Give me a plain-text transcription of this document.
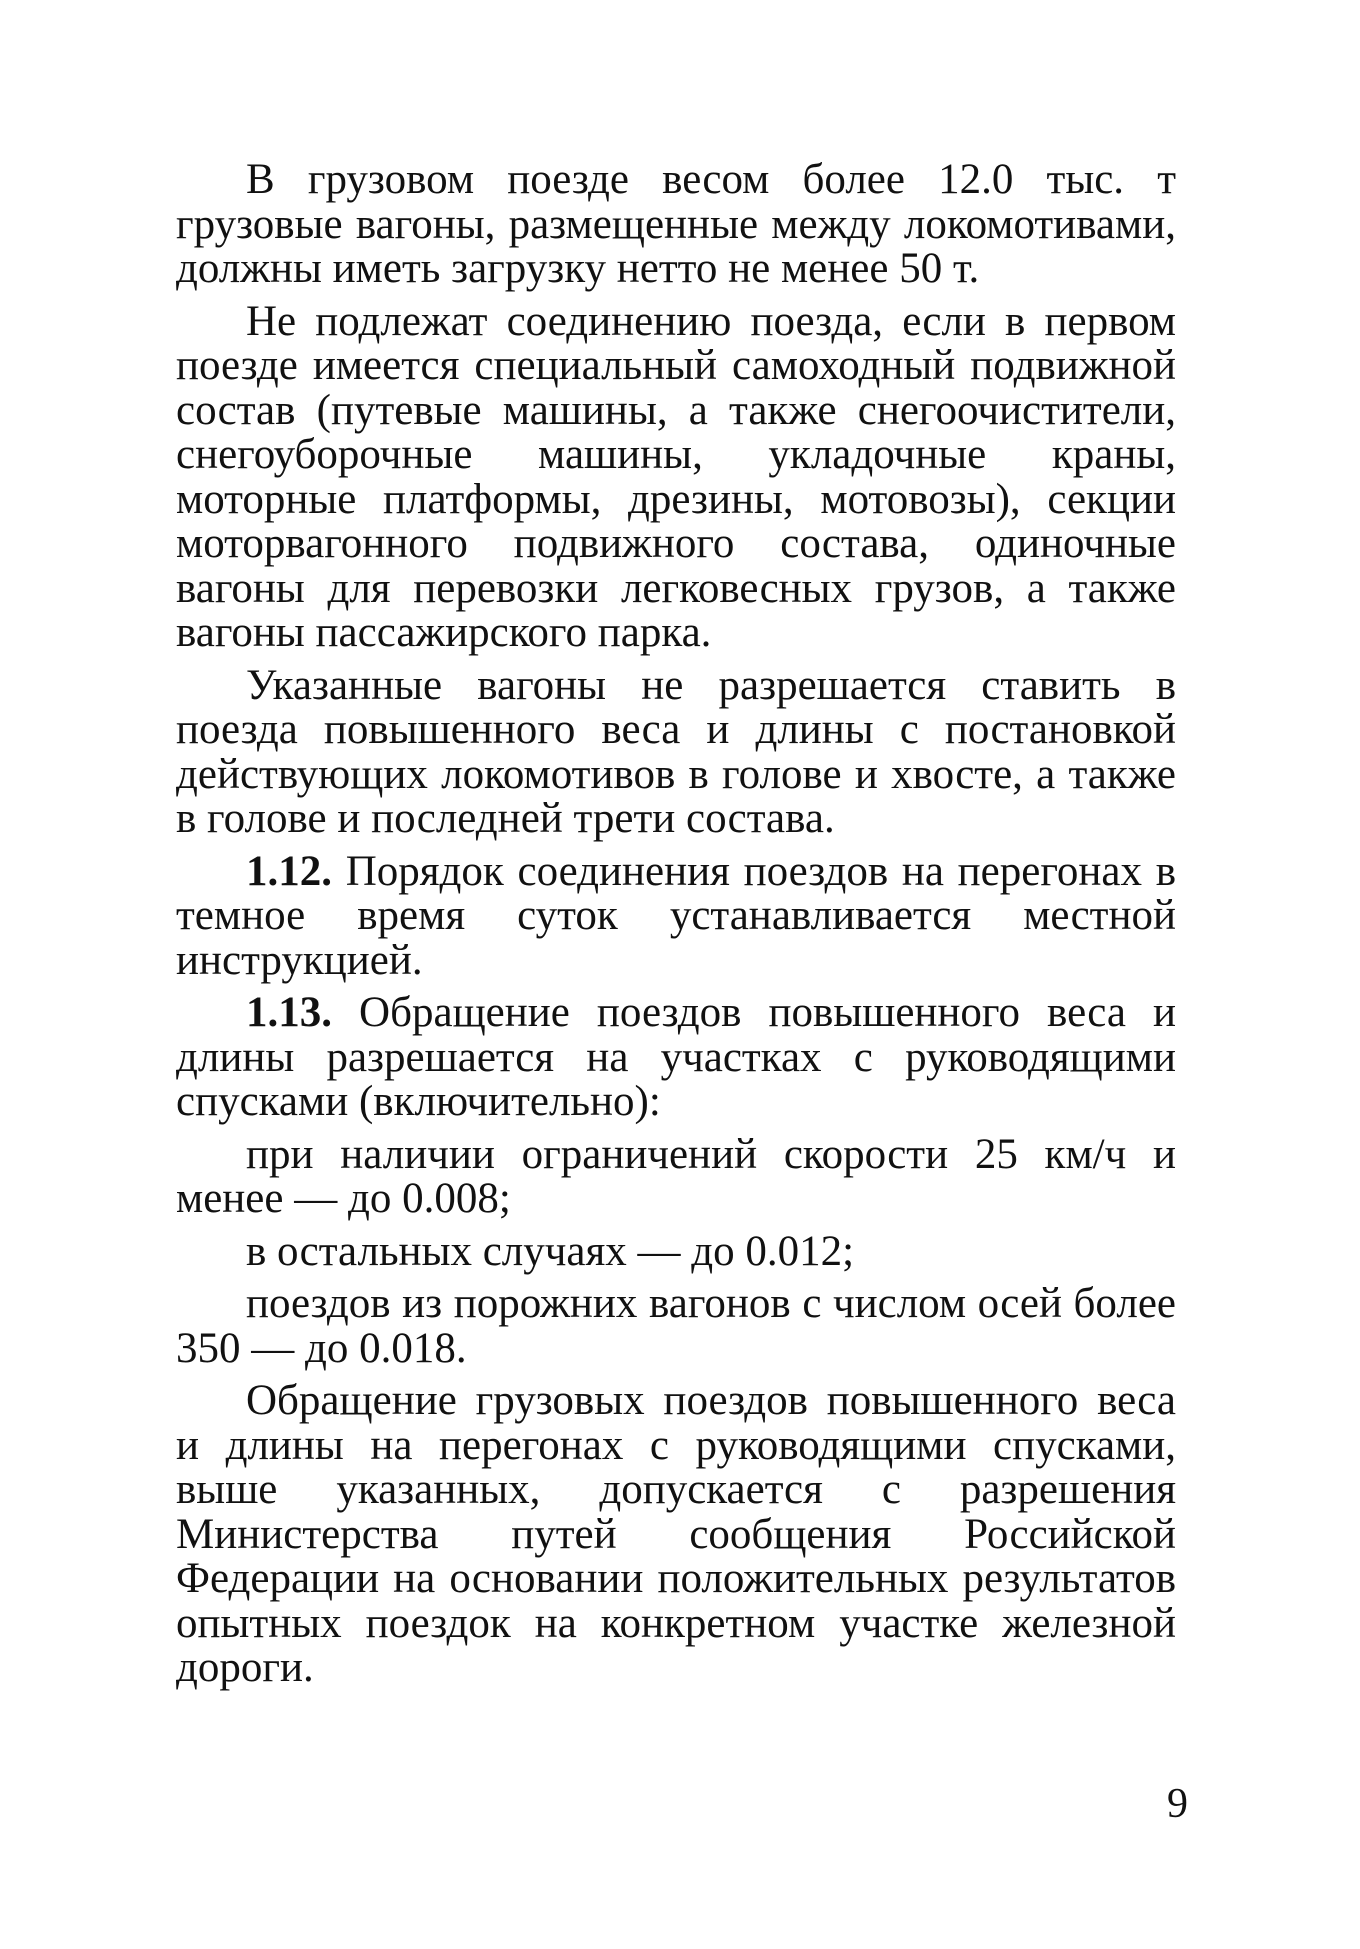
В грузовом поезде весом более 12.0 тыс. т грузовые вагоны, размещенные между локомотивами, должны иметь загрузку нетто не менее 50 т.

Не подлежат соединению поезда, если в первом поезде имеется специальный самоходный подвижной состав (путевые машины, а также снегоочистители, снегоуборочные машины, укладочные краны, моторные платформы, дрезины, мотовозы), секции моторвагонного подвижного состава, одиночные вагоны для перевозки легковесных грузов, а также вагоны пассажирского парка.

Указанные вагоны не разрешается ставить в поезда повышенного веса и длины с постановкой действующих локомотивов в голове и хвосте, а также в голове и последней трети состава.

1.12. Порядок соединения поездов на перегонах в темное время суток устанавливается местной инструкцией.

1.13. Обращение поездов повышенного веса и длины разрешается на участках с руководящими спусками (включительно):

при наличии ограничений скорости 25 км/ч и менее — до 0.008;

в остальных случаях — до 0.012;

поездов из порожних вагонов с числом осей более 350 — до 0.018.

Обращение грузовых поездов повышенного веса и длины на перегонах с руководящими спусками, выше указанных, допускается с разрешения Министерства путей сообщения Российской Федерации на основании положительных результатов опытных поездок на конкретном участке железной дороги.

9
